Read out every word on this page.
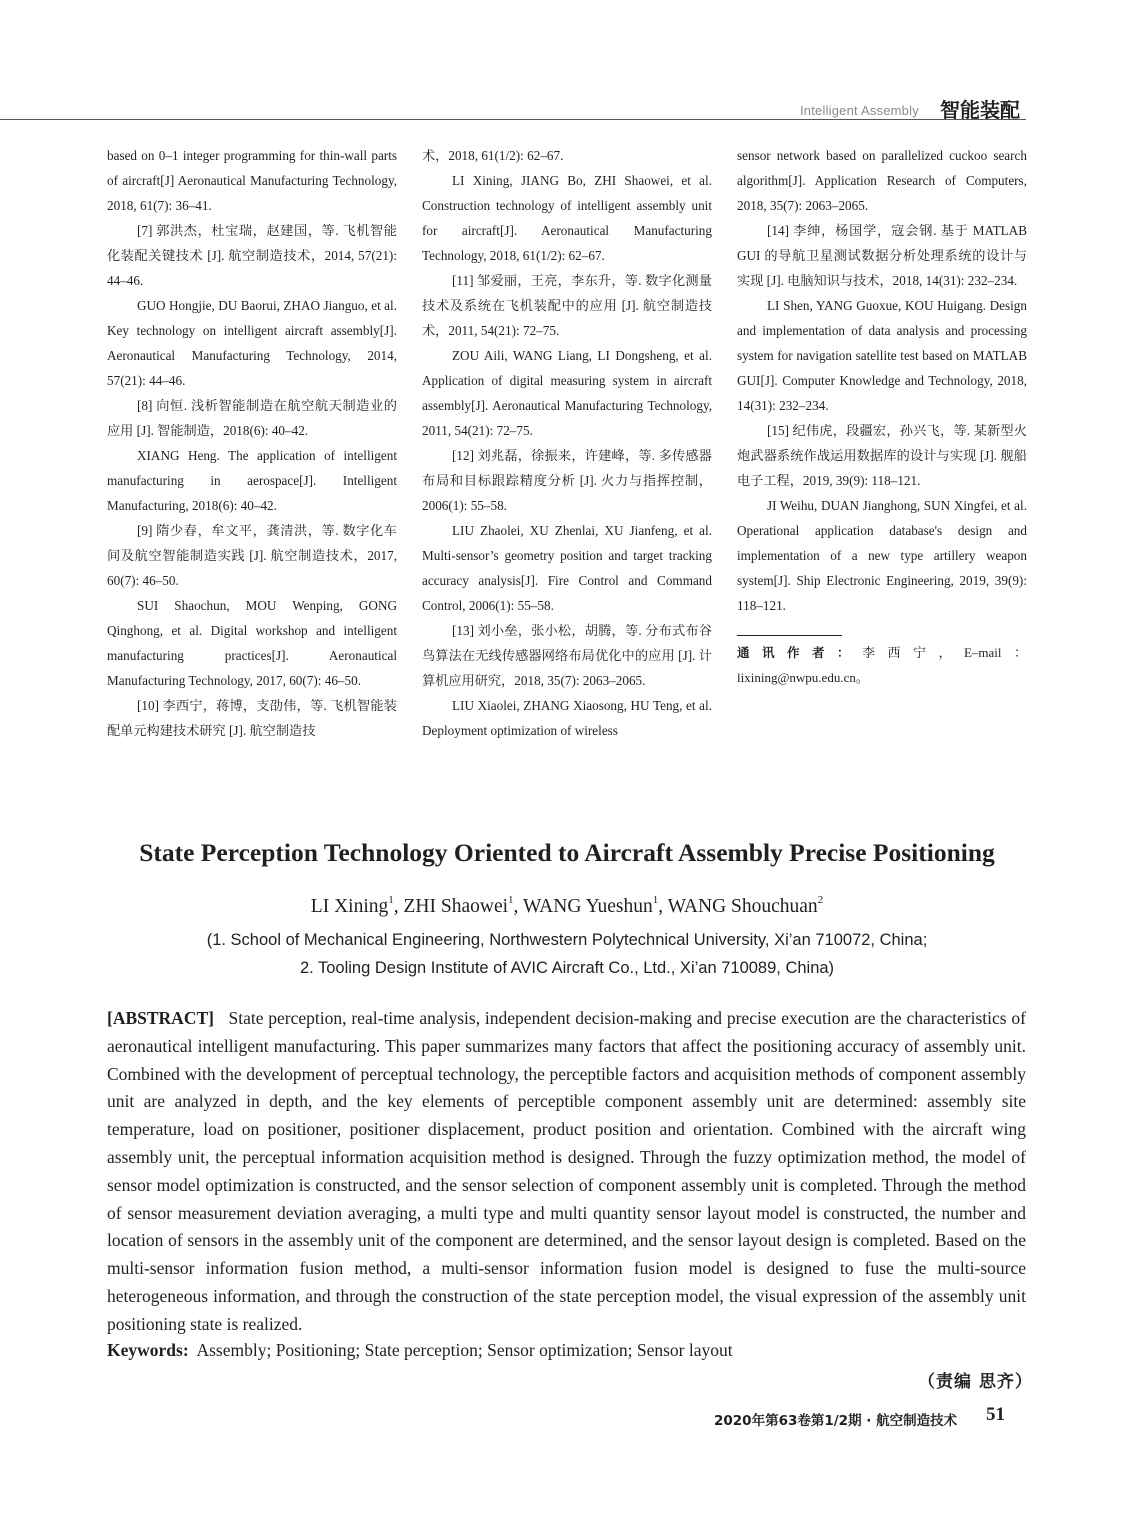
Intelligent Assembly 智能装配

based on 0–1 integer programming for thin-wall parts of aircraft[J] Aeronautical Manufacturing Technology, 2018, 61(7): 36–41.

[7] 郭洪杰，杜宝瑞，赵建国，等. 飞机智能化装配关键技术 [J]. 航空制造技术，2014, 57(21): 44–46.

GUO Hongjie, DU Baorui, ZHAO Jianguo, et al. Key technology on intelligent aircraft assembly[J]. Aeronautical Manufacturing Technology, 2014, 57(21): 44–46.

[8] 向恒. 浅析智能制造在航空航天制造业的应用 [J]. 智能制造，2018(6): 40–42.

XIANG Heng. The application of intelligent manufacturing in aerospace[J]. Intelligent Manufacturing, 2018(6): 40–42.

[9] 隋少春，牟文平，龚清洪，等. 数字化车间及航空智能制造实践 [J]. 航空制造技术，2017, 60(7): 46–50.

SUI Shaochun, MOU Wenping, GONG Qinghong, et al. Digital workshop and intelligent manufacturing practices[J]. Aeronautical Manufacturing Technology, 2017, 60(7): 46–50.

[10] 李西宁，蒋博，支劭伟，等. 飞机智能装配单元构建技术研究 [J]. 航空制造技

术，2018, 61(1/2): 62–67.

LI Xining, JIANG Bo, ZHI Shaowei, et al. Construction technology of intelligent assembly unit for aircraft[J]. Aeronautical Manufacturing Technology, 2018, 61(1/2): 62–67.

[11] 邹爱丽，王亮，李东升，等. 数字化测量技术及系统在飞机装配中的应用 [J]. 航空制造技术，2011, 54(21): 72–75.

ZOU Aili, WANG Liang, LI Dongsheng, et al. Application of digital measuring system in aircraft assembly[J]. Aeronautical Manufacturing Technology, 2011, 54(21): 72–75.

[12] 刘兆磊，徐振来，许建峰，等. 多传感器布局和目标跟踪精度分析 [J]. 火力与指挥控制，2006(1): 55–58.

LIU Zhaolei, XU Zhenlai, XU Jianfeng, et al. Multi-sensor’s geometry position and target tracking accuracy analysis[J]. Fire Control and Command Control, 2006(1): 55–58.

[13] 刘小垒，张小松，胡腾，等. 分布式布谷鸟算法在无线传感器网络布局优化中的应用 [J]. 计算机应用研究，2018, 35(7): 2063–2065.

LIU Xiaolei, ZHANG Xiaosong, HU Teng, et al. Deployment optimization of wireless

sensor network based on parallelized cuckoo search algorithm[J]. Application Research of Computers, 2018, 35(7): 2063–2065.

[14] 李绅，杨国学，寇会钢. 基于 MATLAB GUI 的导航卫星测试数据分析处理系统的设计与实现 [J]. 电脑知识与技术，2018, 14(31): 232–234.

LI Shen, YANG Guoxue, KOU Huigang. Design and implementation of data analysis and processing system for navigation satellite test based on MATLAB GUI[J]. Computer Knowledge and Technology, 2018, 14(31): 232–234.

[15] 纪伟虎，段疆宏，孙兴飞，等. 某新型火炮武器系统作战运用数据库的设计与实现 [J]. 舰船电子工程，2019, 39(9): 118–121.

JI Weihu, DUAN Jianghong, SUN Xingfei, et al. Operational application database's design and implementation of a new type artillery weapon system[J]. Ship Electronic Engineering, 2019, 39(9): 118–121.

通讯作者：李西宁，E–mail：lixining@nwpu.edu.cn。
State Perception Technology Oriented to Aircraft Assembly Precise Positioning
LI Xining$^1$, ZHI Shaowei$^1$, WANG Yueshun$^1$, WANG Shouchuan$^2$
(1. School of Mechanical Engineering, Northwestern Polytechnical University, Xi’an 710072, China;
2. Tooling Design Institute of AVIC Aircraft Co., Ltd., Xi’an 710089, China)
[ABSTRACT] State perception, real-time analysis, independent decision-making and precise execution are the characteristics of aeronautical intelligent manufacturing. This paper summarizes many factors that affect the positioning accuracy of assembly unit. Combined with the development of perceptual technology, the perceptible factors and acquisition methods of component assembly unit are analyzed in depth, and the key elements of perceptible component assembly unit are determined: assembly site temperature, load on positioner, positioner displacement, product position and orientation. Combined with the aircraft wing assembly unit, the perceptual information acquisition method is designed. Through the fuzzy optimization method, the model of sensor model optimization is constructed, and the sensor selection of component assembly unit is completed. Through the method of sensor measurement deviation averaging, a multi type and multi quantity sensor layout model is constructed, the number and location of sensors in the assembly unit of the component are determined, and the sensor layout design is completed. Based on the multi-sensor information fusion method, a multi-sensor information fusion model is designed to fuse the multi-source heterogeneous information, and through the construction of the state perception model, the visual expression of the assembly unit positioning state is realized.
Keywords: Assembly; Positioning; State perception; Sensor optimization; Sensor layout
（责编 思齐）
2020年第63卷第1/2期 · 航空制造技术 51
